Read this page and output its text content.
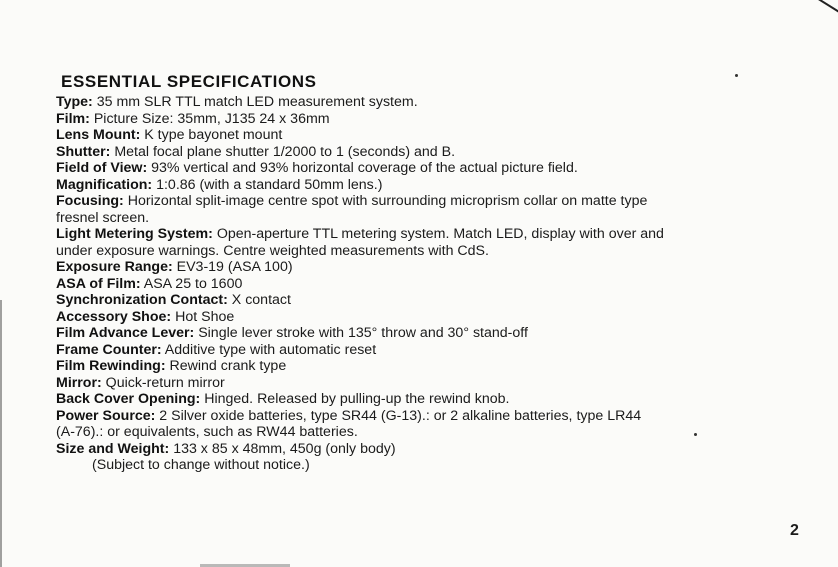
ESSENTIAL SPECIFICATIONS

Type: 35 mm SLR TTL match LED measurement system.

Film: Picture Size: 35mm, J135 24 x 36mm

Lens Mount: K type bayonet mount

Shutter: Metal focal plane shutter 1/2000 to 1 (seconds) and B.

Field of View: 93% vertical and 93% horizontal coverage of the actual picture field.

Magnification: 1:0.86 (with a standard 50mm lens.)

Focusing: Horizontal split-image centre spot with surrounding microprism collar on matte type
fresnel screen.

Light Metering System: Open-aperture TTL metering system. Match LED, display with over and
under exposure warnings. Centre weighted measurements with CdS.

Exposure Range: EV3-19 (ASA 100)

ASA of Film: ASA 25 to 1600

Synchronization Contact: X contact

Accessory Shoe: Hot Shoe

Film Advance Lever: Single lever stroke with 135° throw and 30° stand-off

Frame Counter: Additive type with automatic reset

Film Rewinding: Rewind crank type

Mirror: Quick-return mirror

Back Cover Opening: Hinged. Released by pulling-up the rewind knob.

Power Source: 2 Silver oxide batteries, type SR44 (G-13).: or 2 alkaline batteries, type LR44
(A-76).: or equivalents, such as RW44 batteries.

Size and Weight: 133 x 85 x 48mm, 450g (only body)

(Subject to change without notice.)

2
